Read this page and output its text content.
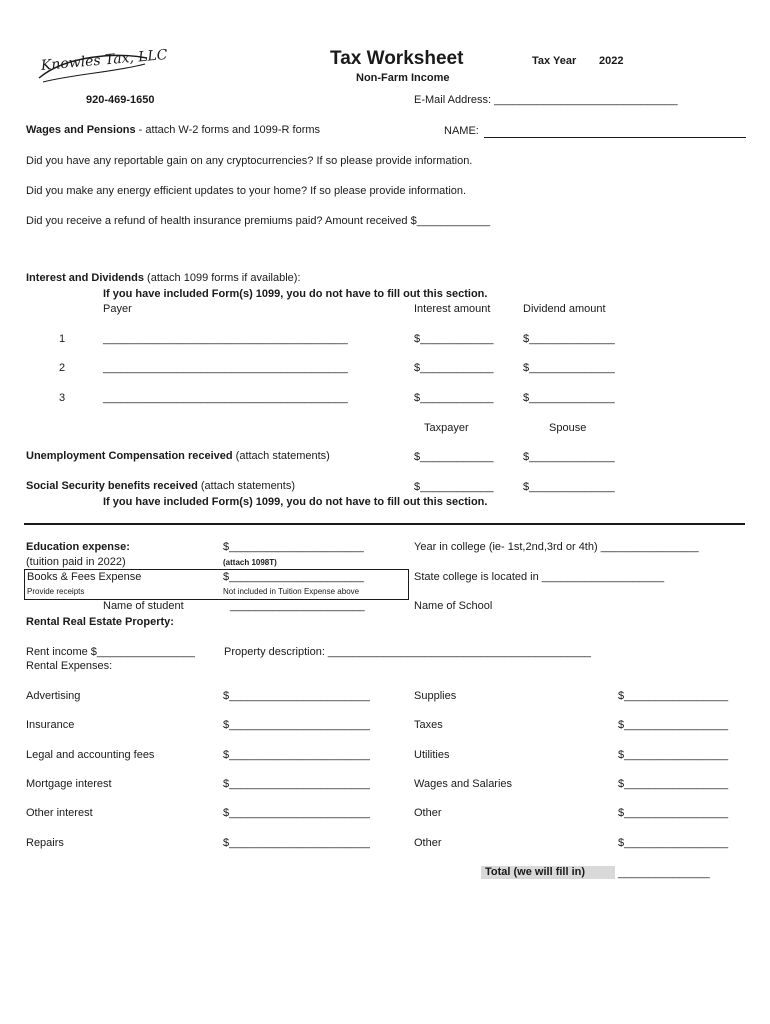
Knowles Tax, LLC	Tax Worksheet	Tax Year 2022
Non-Farm Income
920-469-1650	E-Mail Address: ______________________________
Wages and Pensions - attach W-2 forms and 1099-R forms	NAME:
Did you have any reportable gain on any cryptocurrencies? If so please provide information.
Did you make any energy efficient updates to your home? If so please provide information.
Did you receive a refund of health insurance premiums paid? Amount received $____________
Interest and Dividends (attach 1099 forms if available):
If you have included Form(s) 1099, you do not have to fill out this section.
Payer	Interest amount	Dividend amount
1	________________________________________	$____________	$______________
2	________________________________________	$____________	$______________
3	________________________________________	$____________	$______________
Taxpayer	Spouse
Unemployment Compensation received (attach statements)	$____________	$______________
Social Security benefits received (attach statements)	$____________	$______________
If you have included Form(s) 1099, you do not have to fill out this section.
Education expense:	$______________________	Year in college (ie- 1st,2nd,3rd or 4th) ________________
(tuition paid in 2022)	(attach 1098T)
Books & Fees Expense	$______________________	State college is located in ____________________
Provide receipts	Not included in Tuition Expense above
Name of student	______________________	Name of School
Rental Real Estate Property:
Rent income $________________	Property description: ___________________________________________
Rental Expenses:
Advertising	$_______________________	Supplies	$_________________
Insurance	$_______________________	Taxes	$_________________
Legal and accounting fees	$_______________________	Utilities	$_________________
Mortgage interest	$_______________________	Wages and Salaries	$_________________
Other interest	$_______________________	Other	$_________________
Repairs	$_______________________	Other	$_________________
Total (we will fill in)	_______________
